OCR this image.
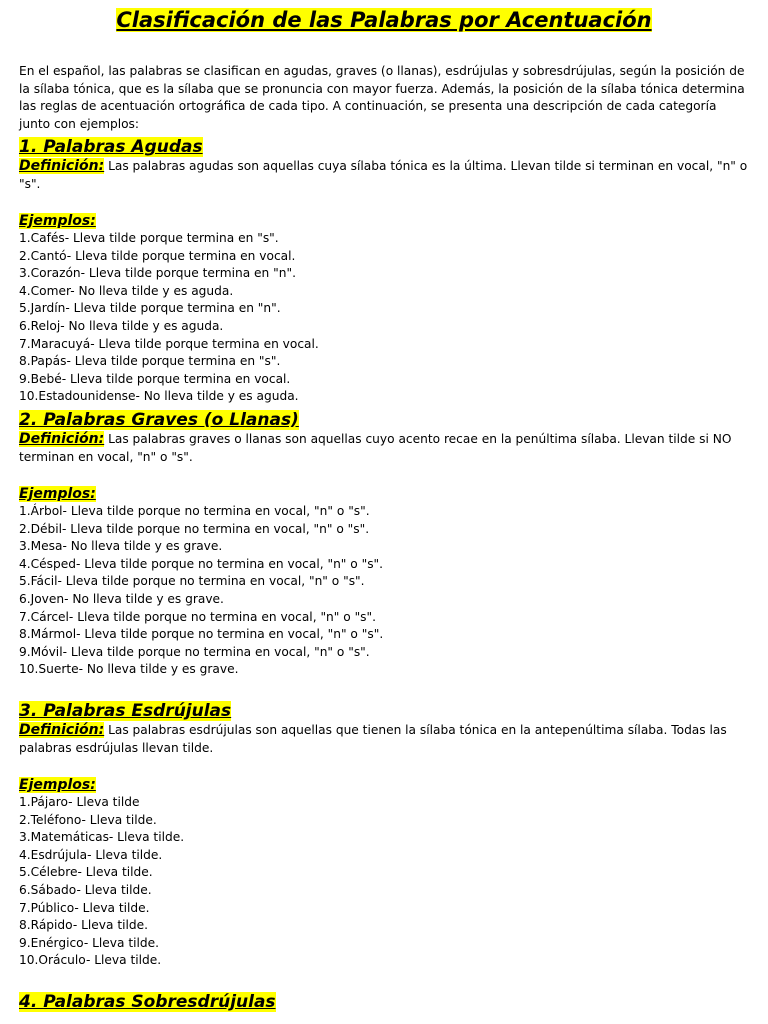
Clasificación de las Palabras por Acentuación

En el español, las palabras se clasifican en agudas, graves (o llanas), esdrújulas y sobresdrújulas, según la posición de la sílaba tónica, que es la sílaba que se pronuncia con mayor fuerza. Además, la posición de la sílaba tónica determina las reglas de acentuación ortográfica de cada tipo. A continuación, se presenta una descripción de cada categoría junto con ejemplos:

1. Palabras Agudas

Definición: Las palabras agudas son aquellas cuya sílaba tónica es la última. Llevan tilde si terminan en vocal, "n" o "s".

Ejemplos:
1.Cafés- Lleva tilde porque termina en "s".
2.Cantó- Lleva tilde porque termina en vocal.
3.Corazón- Lleva tilde porque termina en "n".
4.Comer- No lleva tilde y es aguda.
5.Jardín- Lleva tilde porque termina en "n".
6.Reloj- No lleva tilde y es aguda.
7.Maracuyá- Lleva tilde porque termina en vocal.
8.Papás- Lleva tilde porque termina en "s".
9.Bebé- Lleva tilde porque termina en vocal.
10.Estadounidense- No lleva tilde y es aguda.
2. Palabras Graves (o Llanas)

Definición: Las palabras graves o llanas son aquellas cuyo acento recae en la penúltima sílaba. Llevan tilde si NO terminan en vocal, "n" o "s".

Ejemplos:
1.Árbol- Lleva tilde porque no termina en vocal, "n" o "s".
2.Débil- Lleva tilde porque no termina en vocal, "n" o "s".
3.Mesa- No lleva tilde y es grave.
4.Césped- Lleva tilde porque no termina en vocal, "n" o "s".
5.Fácil- Lleva tilde porque no termina en vocal, "n" o "s".
6.Joven- No lleva tilde y es grave.
7.Cárcel- Lleva tilde porque no termina en vocal, "n" o "s".
8.Mármol- Lleva tilde porque no termina en vocal, "n" o "s".
9.Móvil- Lleva tilde porque no termina en vocal, "n" o "s".
10.Suerte- No lleva tilde y es grave.
3. Palabras Esdrújulas

Definición: Las palabras esdrújulas son aquellas que tienen la sílaba tónica en la antepenúltima sílaba. Todas las palabras esdrújulas llevan tilde.

Ejemplos:
1.Pájaro- Lleva tilde
2.Teléfono- Lleva tilde.
3.Matemáticas- Lleva tilde.
4.Esdrújula- Lleva tilde.
5.Célebre- Lleva tilde.
6.Sábado- Lleva tilde.
7.Público- Lleva tilde.
8.Rápido- Lleva tilde.
9.Enérgico- Lleva tilde.
10.Oráculo- Lleva tilde.
4. Palabras Sobresdrújulas
